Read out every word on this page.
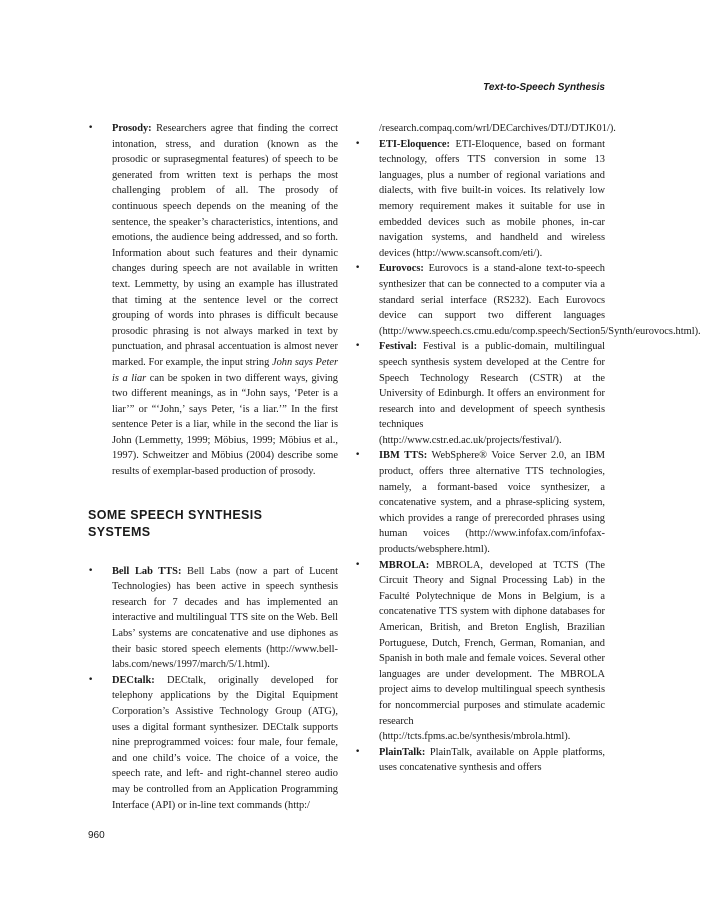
Text-to-Speech Synthesis
• Prosody: Researchers agree that finding the correct intonation, stress, and duration (known as the prosodic or suprasegmental features) of speech to be generated from written text is perhaps the most challenging problem of all. The prosody of continuous speech depends on the meaning of the sentence, the speaker’s characteristics, intentions, and emotions, the audience being addressed, and so forth. Information about such features and their dynamic changes during speech are not available in written text. Lemmetty, by using an example has illustrated that timing at the sentence level or the correct grouping of words into phrases is difficult because prosodic phrasing is not always marked in text by punctuation, and phrasal accentuation is almost never marked. For example, the input string John says Peter is a liar can be spoken in two different ways, giving two different meanings, as in “John says, ‘Peter is a liar’” or “‘John,’ says Peter, ‘is a liar.’” In the first sentence Peter is a liar, while in the second the liar is John (Lemmetty, 1999; Möbius, 1999; Möbius et al., 1997). Schweitzer and Möbius (2004) describe some results of exemplar-based production of prosody.
SOME SPEECH SYNTHESIS
SYSTEMS
• Bell Lab TTS: Bell Labs (now a part of Lucent Technologies) has been active in speech synthesis research for 7 decades and has implemented an interactive and multilingual TTS site on the Web. Bell Labs’ systems are concatenative and use diphones as their basic stored speech elements (http://www.bell-labs.com/news/1997/march/5/1.html).
• DECtalk: DECtalk, originally developed for telephony applications by the Digital Equipment Corporation’s Assistive Technology Group (ATG), uses a digital formant synthesizer. DECtalk supports nine preprogrammed voices: four male, four female, and one child’s voice. The choice of a voice, the speech rate, and left- and right-channel stereo audio may be controlled from an Application Programming Interface (API) or in-line text commands (http:/
/research.compaq.com/wrl/DECarchives/DTJ/DTJK01/).
• ETI-Eloquence: ETI-Eloquence, based on formant technology, offers TTS conversion in some 13 languages, plus a number of regional variations and dialects, with five built-in voices. Its relatively low memory requirement makes it suitable for use in embedded devices such as mobile phones, in-car navigation systems, and handheld and wireless devices (http://www.scansoft.com/eti/).
• Eurovocs: Eurovocs is a stand-alone text-to-speech synthesizer that can be connected to a computer via a standard serial interface (RS232). Each Eurovocs device can support two different languages (http://www.speech.cs.cmu.edu/comp.speech/Section5/Synth/eurovocs.html).
• Festival: Festival is a public-domain, multilingual speech synthesis system developed at the Centre for Speech Technology Research (CSTR) at the University of Edinburgh. It offers an environment for research into and development of speech synthesis techniques (http://www.cstr.ed.ac.uk/projects/festival/).
• IBM TTS: WebSphere® Voice Server 2.0, an IBM product, offers three alternative TTS technologies, namely, a formant-based voice synthesizer, a concatenative system, and a phrase-splicing system, which provides a range of prerecorded phrases using human voices (http://www.infofax.com/infofax-products/websphere.html).
• MBROLA: MBROLA, developed at TCTS (The Circuit Theory and Signal Processing Lab) in the Faculté Polytechnique de Mons in Belgium, is a concatenative TTS system with diphone databases for American, British, and Breton English, Brazilian Portuguese, Dutch, French, German, Romanian, and Spanish in both male and female voices. Several other languages are under development. The MBROLA project aims to develop multilingual speech synthesis for noncommercial purposes and stimulate academic research (http://tcts.fpms.ac.be/synthesis/mbrola.html).
• PlainTalk: PlainTalk, available on Apple platforms, uses concatenative synthesis and offers
960
